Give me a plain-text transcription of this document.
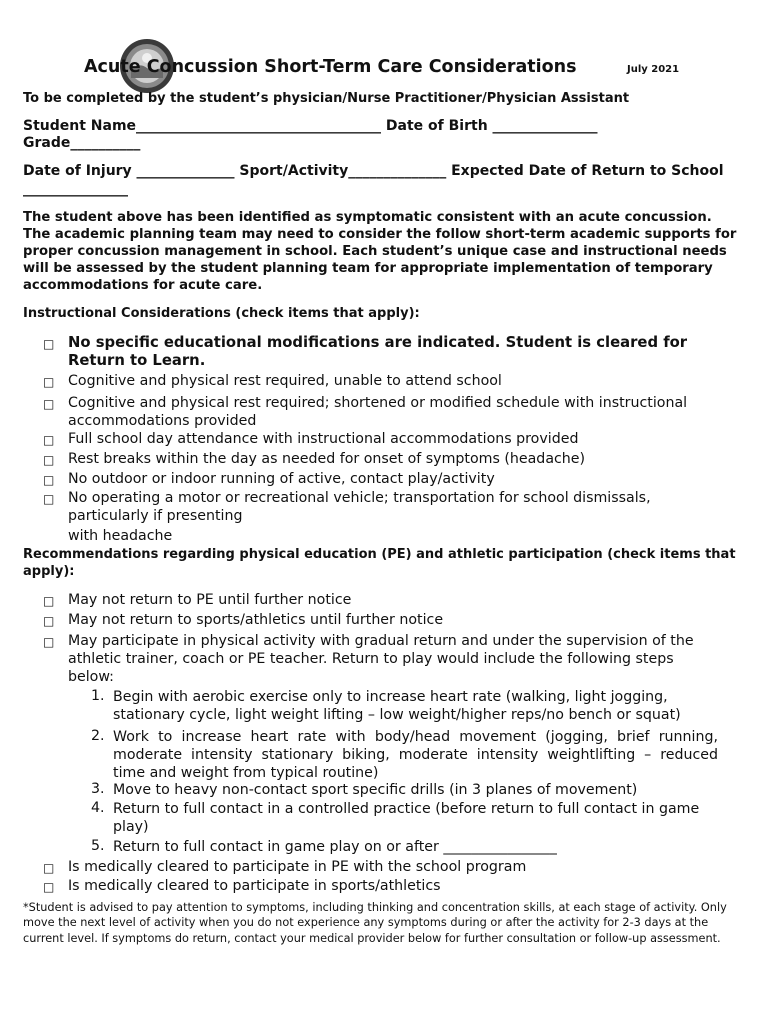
Acute Concussion Short-Term Care Considerations	July 2021
To be completed by the student’s physician/Nurse Practitioner/Physician Assistant
Student Name___________________________________ Date of Birth _______________
Grade__________
Date of Injury ______________ Sport/Activity______________ Expected Date of Return to School
_______________
The student above has been identified as symptomatic consistent with an acute concussion. The academic planning team may need to consider the follow short-term academic supports for proper concussion management in school. Each student’s unique case and instructional needs will be assessed by the student planning team for appropriate implementation of temporary accommodations for acute care.
Instructional Considerations (check items that apply):
□ No specific educational modifications are indicated. Student is cleared for Return to Learn.
□ Cognitive and physical rest required, unable to attend school
□ Cognitive and physical rest required; shortened or modified schedule with instructional accommodations provided
□ Full school day attendance with instructional accommodations provided
□ Rest breaks within the day as needed for onset of symptoms (headache)
□ No outdoor or indoor running of active, contact play/activity
□ No operating a motor or recreational vehicle; transportation for school dismissals, particularly if presenting
with headache
Recommendations regarding physical education (PE) and athletic participation (check items that apply):
□ May not return to PE until further notice
□ May not return to sports/athletics until further notice
□ May participate in physical activity with gradual return and under the supervision of the athletic trainer, coach or PE teacher. Return to play would include the following steps below:
1. Begin with aerobic exercise only to increase heart rate (walking, light jogging, stationary cycle, light weight lifting – low weight/higher reps/no bench or squat)
2. Work to increase heart rate with body/head movement (jogging, brief running, moderate intensity stationary biking, moderate intensity weightlifting – reduced time and weight from typical routine)
3. Move to heavy non-contact sport specific drills (in 3 planes of movement)
4. Return to full contact in a controlled practice (before return to full contact in game play)
5. Return to full contact in game play on or after ________________
□ Is medically cleared to participate in PE with the school program
□ Is medically cleared to participate in sports/athletics
*Student is advised to pay attention to symptoms, including thinking and concentration skills, at each stage of activity. Only move the next level of activity when you do not experience any symptoms during or after the activity for 2-3 days at the current level. If symptoms do return, contact your medical provider below for further consultation or follow-up assessment.
